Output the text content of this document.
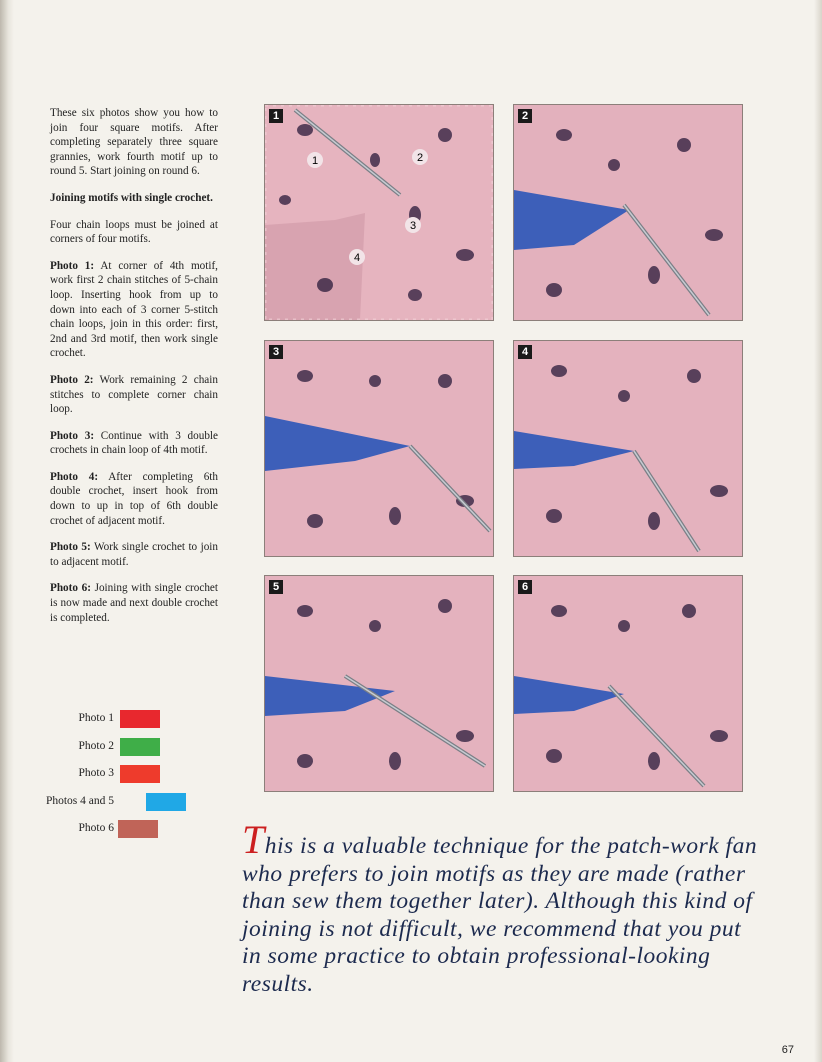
These six photos show you how to join four square motifs. After completing separately three square grannies, work fourth motif up to round 5. Start joining on round 6.

Joining motifs with single crochet.

Four chain loops must be joined at corners of four motifs.

Photo 1: At corner of 4th motif, work first 2 chain stitches of 5-chain loop. Inserting hook from up to down into each of 3 corner 5-stitch chain loops, join in this order: first, 2nd and 3rd motif, then work single crochet.

Photo 2: Work remaining 2 chain stitches to complete corner chain loop.

Photo 3: Continue with 3 double crochets in chain loop of 4th motif.

Photo 4: After completing 6th double crochet, insert hook from down to up in top of 6th double crochet of adjacent motif.

Photo 5: Work single crochet to join to adjacent motif.

Photo 6: Joining with single crochet is now made and next double crochet is completed.

Photo 1
Photo 2
Photo 3
Photos 4 and 5
Photo 6
1	2
3
4
1	2
3	4
5	6
This is a valuable technique for the patch-work fan who prefers to join motifs as they are made (rather than sew them together later). Although this kind of joining is not difficult, we recommend that you put in some practice to obtain professional-looking results.
67
